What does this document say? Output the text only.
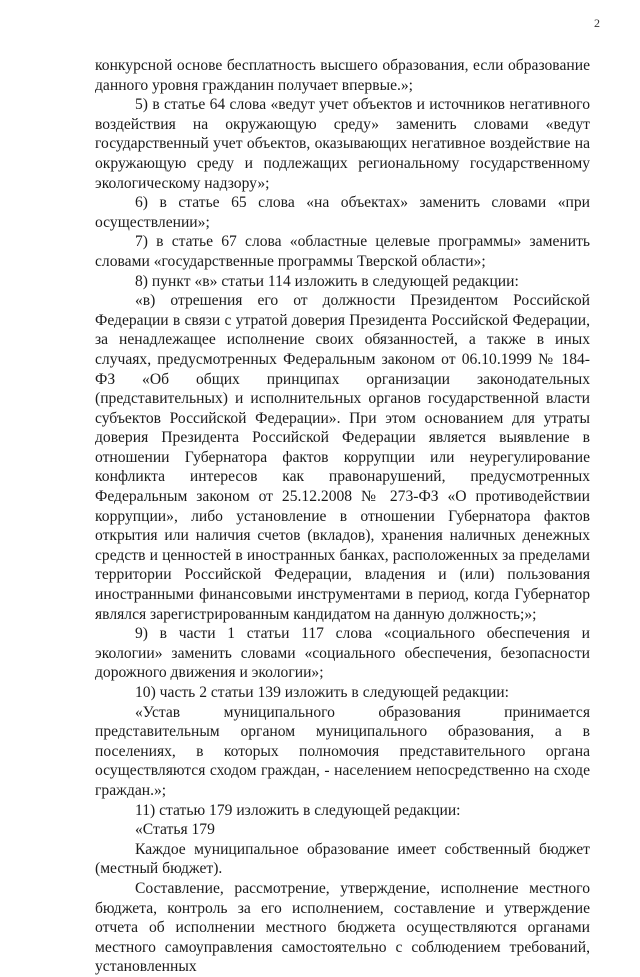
2

конкурсной основе бесплатность высшего образования, если образование данного уровня гражданин получает впервые.»;

5) в статье 64 слова «ведут учет объектов и источников негативного воздействия на окружающую среду» заменить словами «ведут государственный учет объектов, оказывающих негативное воздействие на окружающую среду и подлежащих региональному государственному экологическому надзору»;

6) в статье 65 слова «на объектах» заменить словами «при осуществлении»;

7) в статье 67 слова «областные целевые программы» заменить словами «государственные программы Тверской области»;

8) пункт «в» статьи 114 изложить в следующей редакции:

«в) отрешения его от должности Президентом Российской Федерации в связи с утратой доверия Президента Российской Федерации, за ненадлежащее исполнение своих обязанностей, а также в иных случаях, предусмотренных Федеральным законом от 06.10.1999 № 184-ФЗ «Об общих принципах организации законодательных (представительных) и исполнительных органов государственной власти субъектов Российской Федерации». При этом основанием для утраты доверия Президента Российской Федерации является выявление в отношении Губернатора фактов коррупции или неурегулирование конфликта интересов как правонарушений, предусмотренных Федеральным законом от 25.12.2008 № 273-ФЗ «О противодействии коррупции», либо установление в отношении Губернатора фактов открытия или наличия счетов (вкладов), хранения наличных денежных средств и ценностей в иностранных банках, расположенных за пределами территории Российской Федерации, владения и (или) пользования иностранными финансовыми инструментами в период, когда Губернатор являлся зарегистрированным кандидатом на данную должность;»;

9) в части 1 статьи 117 слова «социального обеспечения и экологии» заменить словами «социального обеспечения, безопасности дорожного движения и экологии»;

10) часть 2 статьи 139 изложить в следующей редакции:

«Устав муниципального образования принимается представительным органом муниципального образования, а в поселениях, в которых полномочия представительного органа осуществляются сходом граждан, - населением непосредственно на сходе граждан.»;

11) статью 179 изложить в следующей редакции:

«Статья 179

Каждое муниципальное образование имеет собственный бюджет (местный бюджет).

Составление, рассмотрение, утверждение, исполнение местного бюджета, контроль за его исполнением, составление и утверждение отчета об исполнении местного бюджета осуществляются органами местного самоуправления самостоятельно с соблюдением требований, установленных
